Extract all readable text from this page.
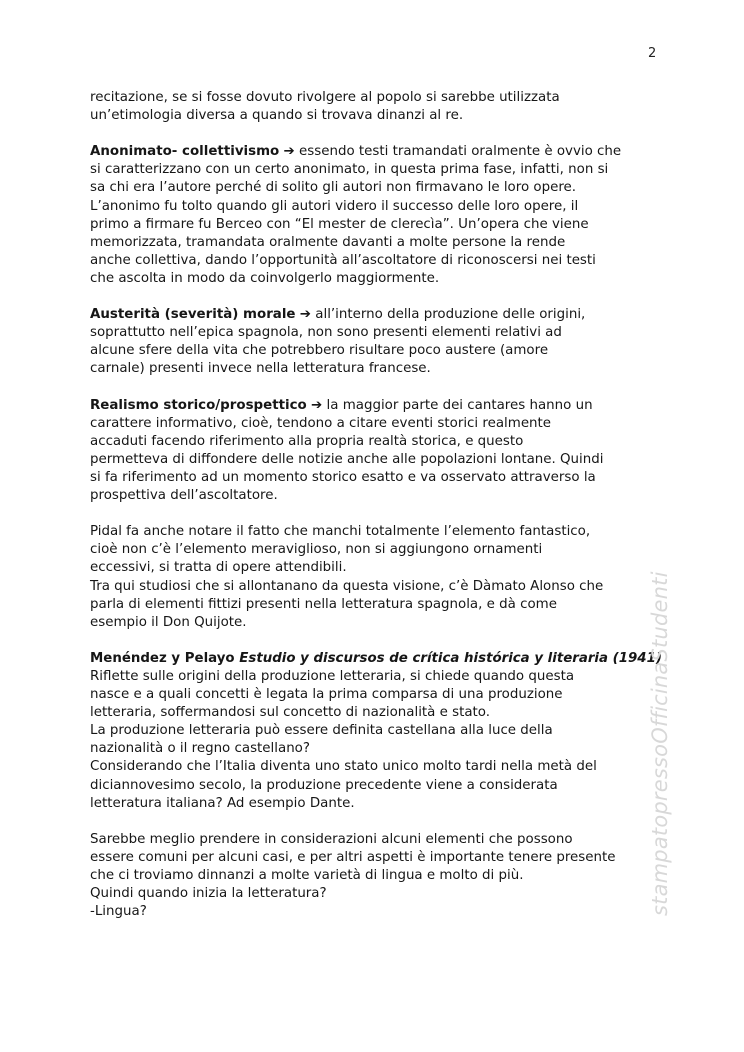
2

recitazione, se si fosse dovuto rivolgere al popolo si sarebbe utilizzata
un’etimologia diversa a quando si trovava dinanzi al re.

Anonimato- collettivismo ➔ essendo testi tramandati oralmente è ovvio che
si caratterizzano con un certo anonimato, in questa prima fase, infatti, non si
sa chi era l’autore perché di solito gli autori non firmavano le loro opere.
L’anonimo fu tolto quando gli autori videro il successo delle loro opere, il
primo a firmare fu Berceo con “El mester de clerecìa”. Un’opera che viene
memorizzata, tramandata oralmente davanti a molte persone la rende
anche collettiva, dando l’opportunità all’ascoltatore di riconoscersi nei testi
che ascolta in modo da coinvolgerlo maggiormente.

Austerità (severità) morale ➔ all’interno della produzione delle origini,
soprattutto nell’epica spagnola, non sono presenti elementi relativi ad
alcune sfere della vita che potrebbero risultare poco austere (amore
carnale) presenti invece nella letteratura francese.

Realismo storico/prospettico ➔ la maggior parte dei cantares hanno un
carattere informativo, cioè, tendono a citare eventi storici realmente
accaduti facendo riferimento alla propria realtà storica, e questo
permetteva di diffondere delle notizie anche alle popolazioni lontane. Quindi
si fa riferimento ad un momento storico esatto e va osservato attraverso la
prospettiva dell’ascoltatore.

Pidal fa anche notare il fatto che manchi totalmente l’elemento fantastico,
cioè non c’è l’elemento meraviglioso, non si aggiungono ornamenti
eccessivi, si tratta di opere attendibili.
Tra qui studiosi che si allontanano da questa visione, c’è Dàmato Alonso che
parla di elementi fittizi presenti nella letteratura spagnola, e dà come
esempio il Don Quijote.

Menéndez y Pelayo Estudio y discursos de crítica histórica y literaria (1941)
Riflette sulle origini della produzione letteraria, si chiede quando questa
nasce e a quali concetti è legata la prima comparsa di una produzione
letteraria, soffermandosi sul concetto di nazionalità e stato.
La produzione letteraria può essere definita castellana alla luce della
nazionalità o il regno castellano?
Considerando che l’Italia diventa uno stato unico molto tardi nella metà del
diciannovesimo secolo, la produzione precedente viene a considerata
letteratura italiana? Ad esempio Dante.

Sarebbe meglio prendere in considerazioni alcuni elementi che possono
essere comuni per alcuni casi, e per altri aspetti è importante tenere presente
che ci troviamo dinnanzi a molte varietà di lingua e molto di più.
Quindi quando inizia la letteratura?
-Lingua?	stampatopressoOfficinaStudenti
